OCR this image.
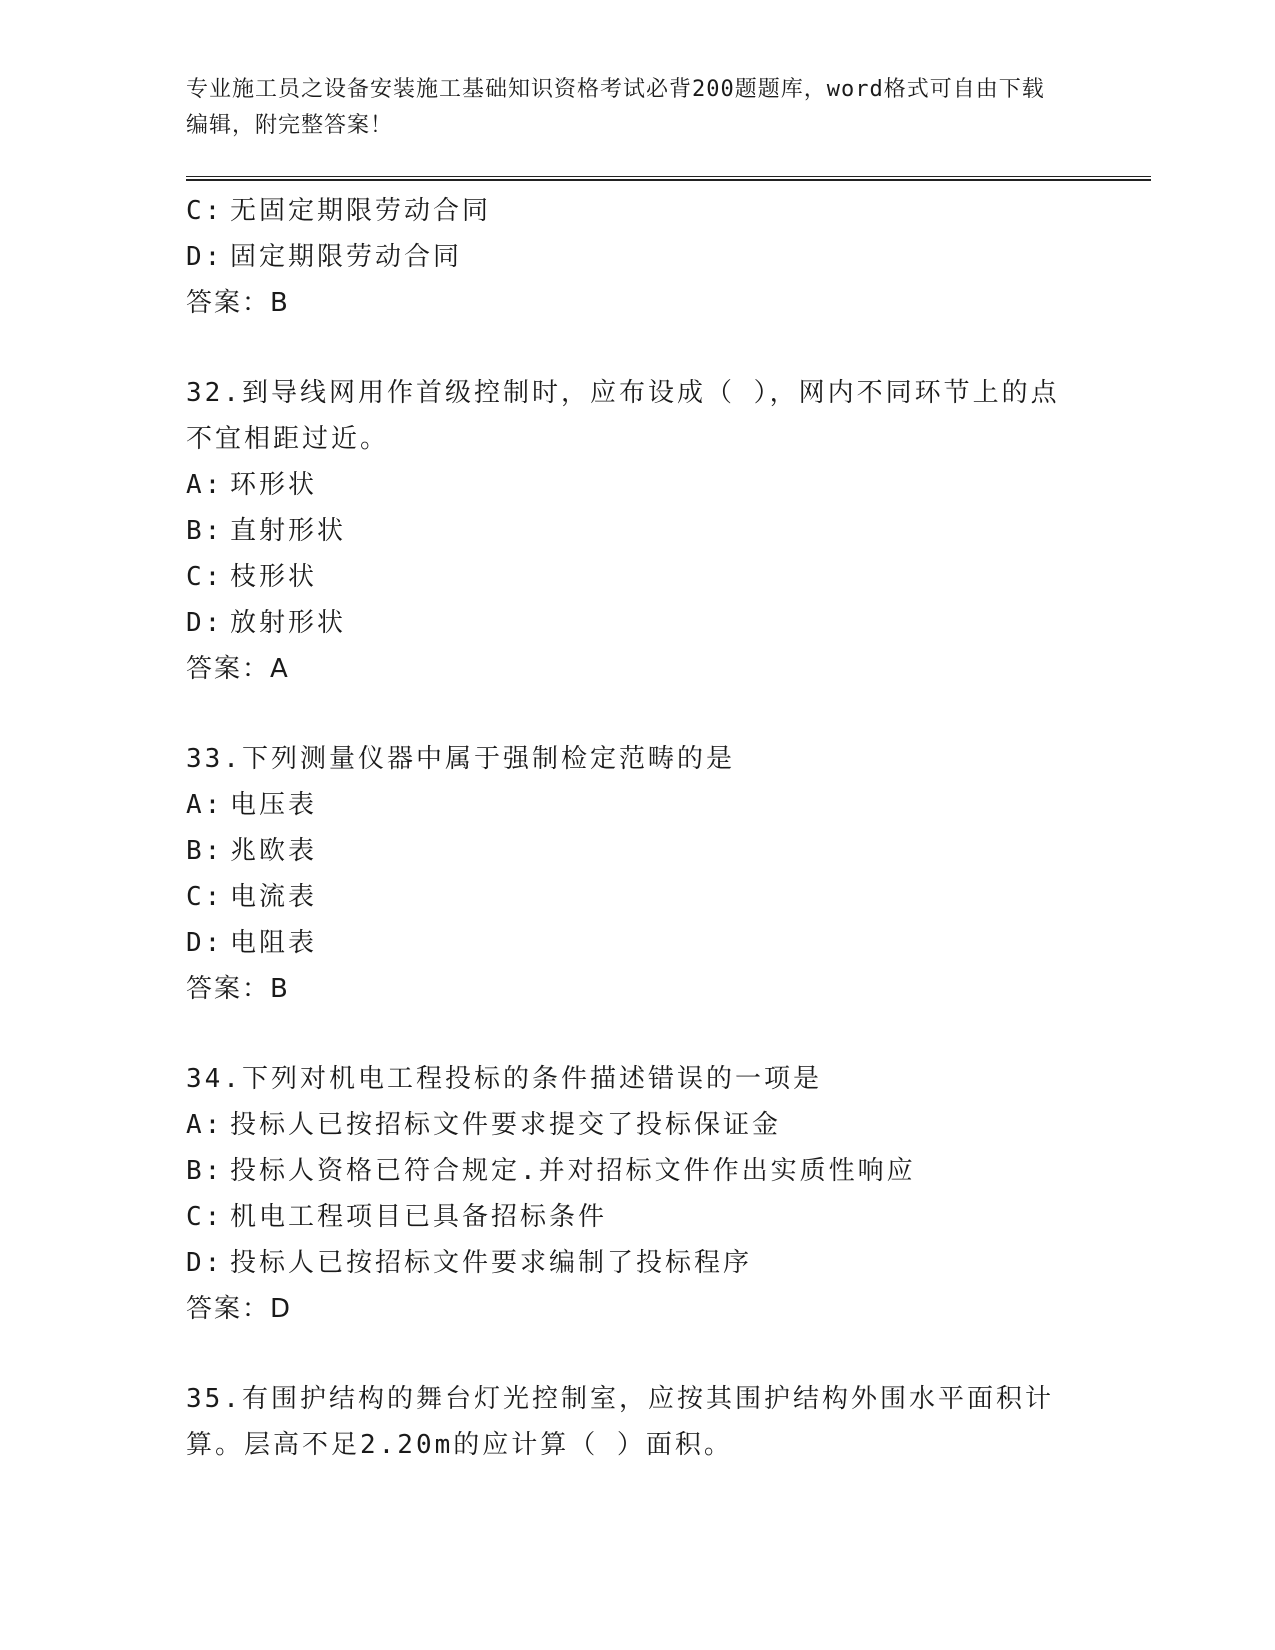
专业施工员之设备安装施工基础知识资格考试必背200题题库，word格式可自由下载编辑，附完整答案！
C: 无固定期限劳动合同
D: 固定期限劳动合同
答案：B
32.到导线网用作首级控制时，应布设成（ ），网内不同环节上的点不宜相距过近。
A: 环形状
B: 直射形状
C: 枝形状
D: 放射形状
答案：A
33.下列测量仪器中属于强制检定范畴的是
A: 电压表
B: 兆欧表
C: 电流表
D: 电阻表
答案：B
34.下列对机电工程投标的条件描述错误的一项是
A: 投标人已按招标文件要求提交了投标保证金
B: 投标人资格已符合规定.并对招标文件作出实质性响应
C: 机电工程项目已具备招标条件
D: 投标人已按招标文件要求编制了投标程序
答案：D
35.有围护结构的舞台灯光控制室，应按其围护结构外围水平面积计算。层高不足2.20m的应计算（ ）面积。
